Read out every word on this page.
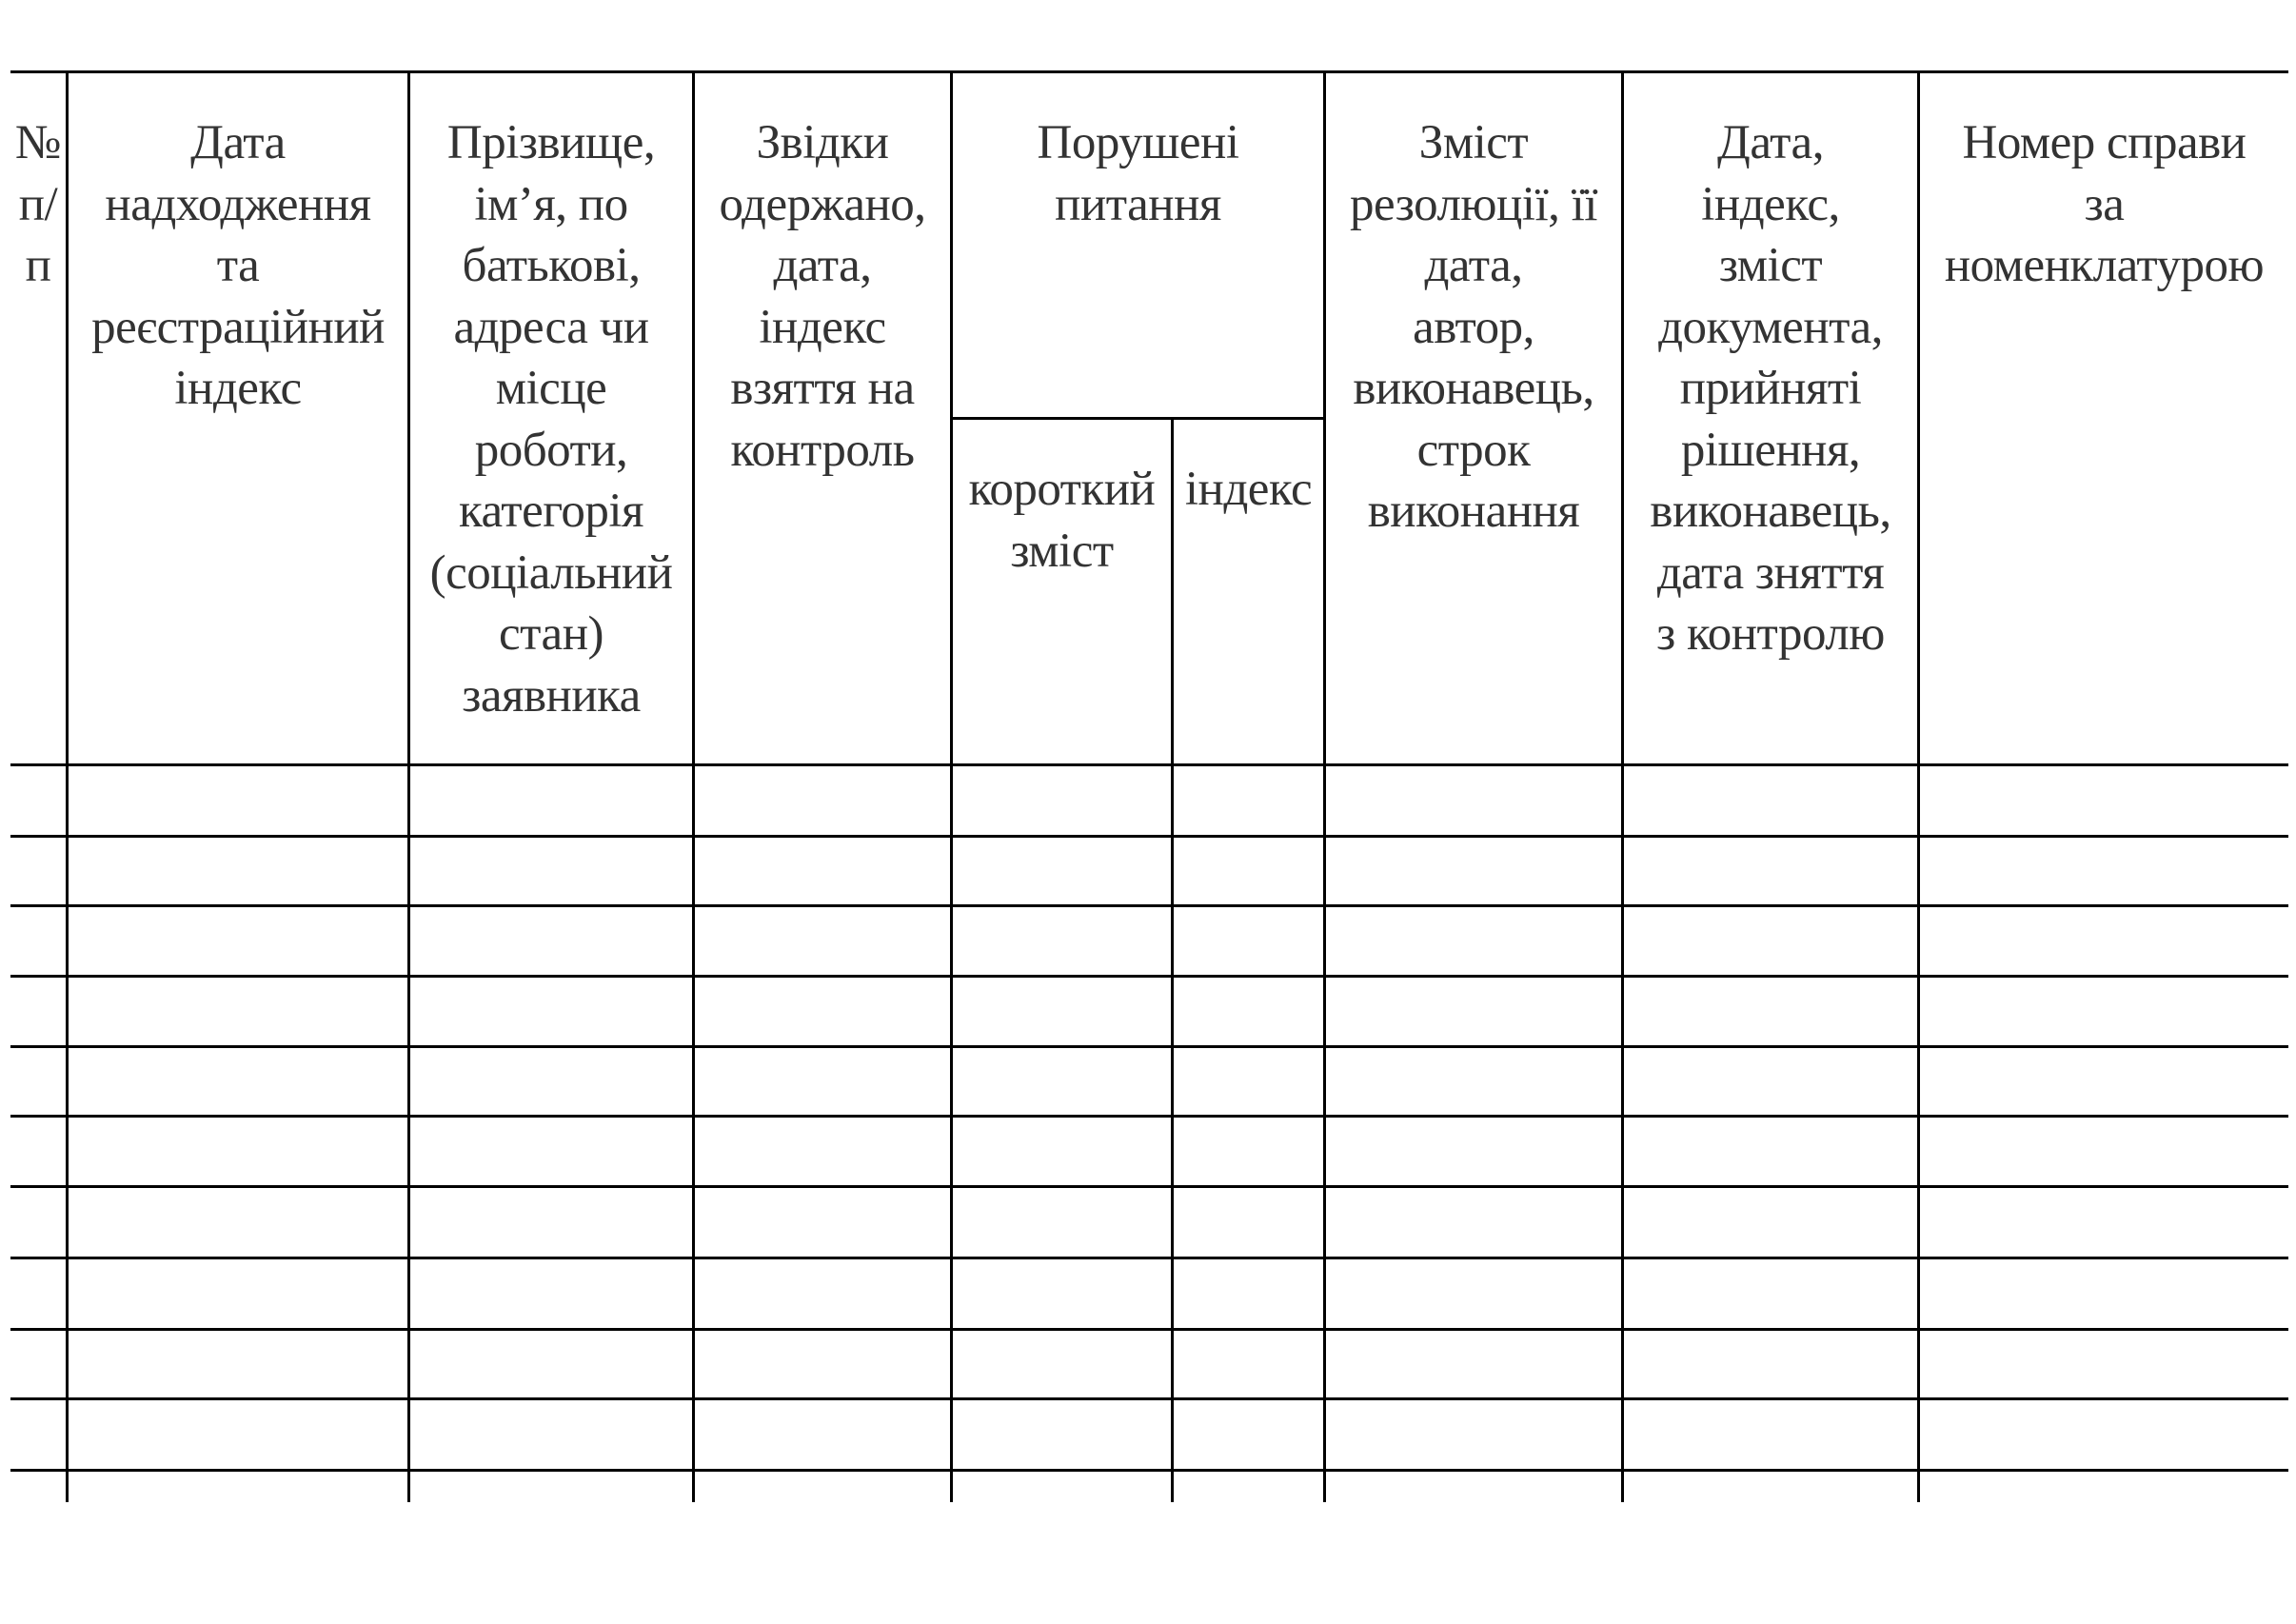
№
п/
п
Дата
надходження
та
реєстраційний
індекс
Прізвище,
ім’я, по
батькові,
адреса чи
місце
роботи,
категорія
(соціальний
стан)
заявника
Звідки
одержано,
дата,
індекс
взяття на
контроль
Порушені
питання
короткий
зміст
індекс
Зміст
резолюції, її
дата,
автор,
виконавець,
строк
виконання
Дата,
індекс,
зміст
документа,
прийняті
рішення,
виконавець,
дата зняття
з контролю
Номер справи
за
номенклатурою
